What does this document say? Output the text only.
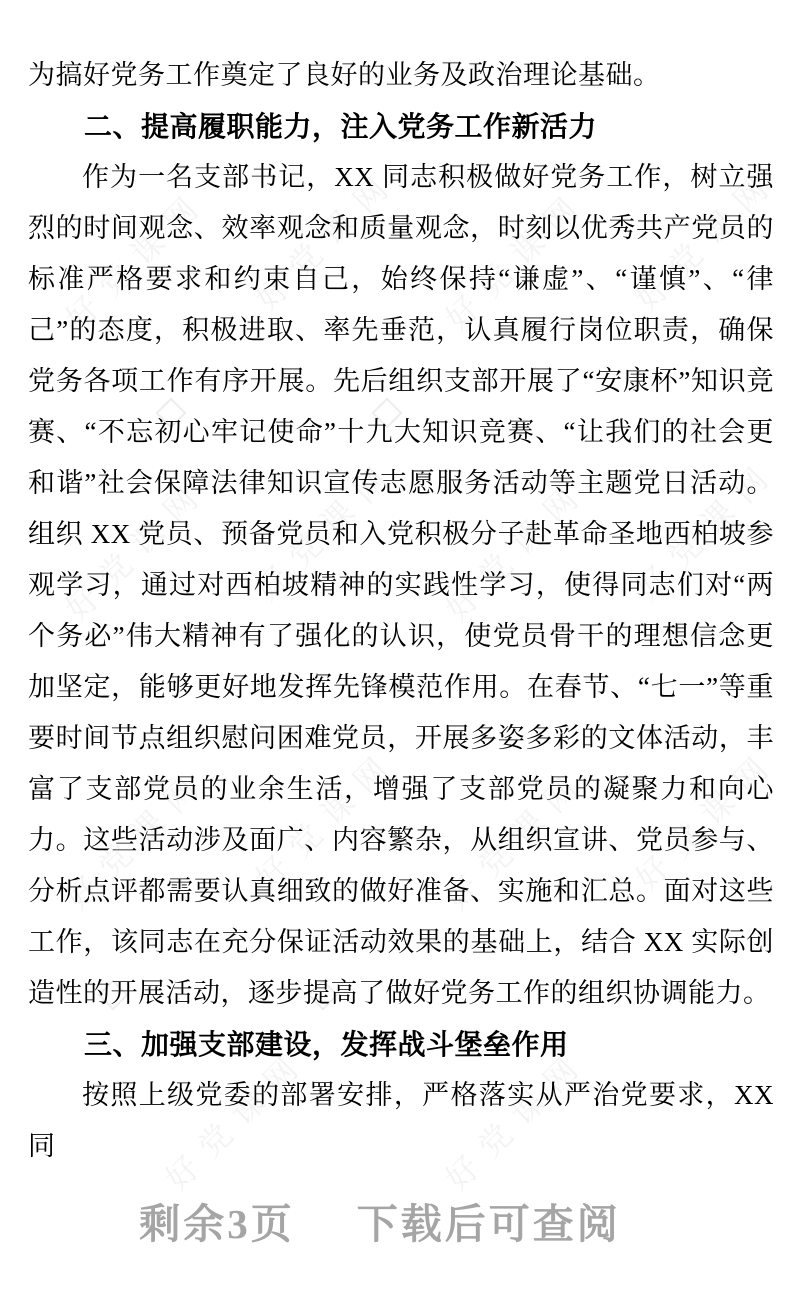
好党课网 好党课网 好党课网 好党课网
好党课网 好党课网 好党课网 好党课网
好党课网 好党课网 好党课网 好党课网
好党课网	好党课网

为搞好党务工作奠定了良好的业务及政治理论基础。

二、提高履职能力，注入党务工作新活力

作为一名支部书记，XX 同志积极做好党务工作，树立强烈的时间观念、效率观念和质量观念，时刻以优秀共产党员的标准严格要求和约束自己，始终保持“谦虚”、“谨慎”、“律己”的态度，积极进取、率先垂范，认真履行岗位职责，确保党务各项工作有序开展。先后组织支部开展了“安康杯”知识竞赛、“不忘初心牢记使命”十九大知识竞赛、“让我们的社会更和谐”社会保障法律知识宣传志愿服务活动等主题党日活动。组织 XX 党员、预备党员和入党积极分子赴革命圣地西柏坡参观学习，通过对西柏坡精神的实践性学习，使得同志们对“两个务必”伟大精神有了强化的认识，使党员骨干的理想信念更加坚定，能够更好地发挥先锋模范作用。在春节、“七一”等重要时间节点组织慰问困难党员，开展多姿多彩的文体活动，丰富了支部党员的业余生活，增强了支部党员的凝聚力和向心力。这些活动涉及面广、内容繁杂，从组织宣讲、党员参与、分析点评都需要认真细致的做好准备、实施和汇总。面对这些工作，该同志在充分保证活动效果的基础上，结合 XX 实际创造性的开展活动，逐步提高了做好党务工作的组织协调能力。

三、加强支部建设，发挥战斗堡垒作用

按照上级党委的部署安排，严格落实从严治党要求，XX 同

剩余3页 下载后可查阅
